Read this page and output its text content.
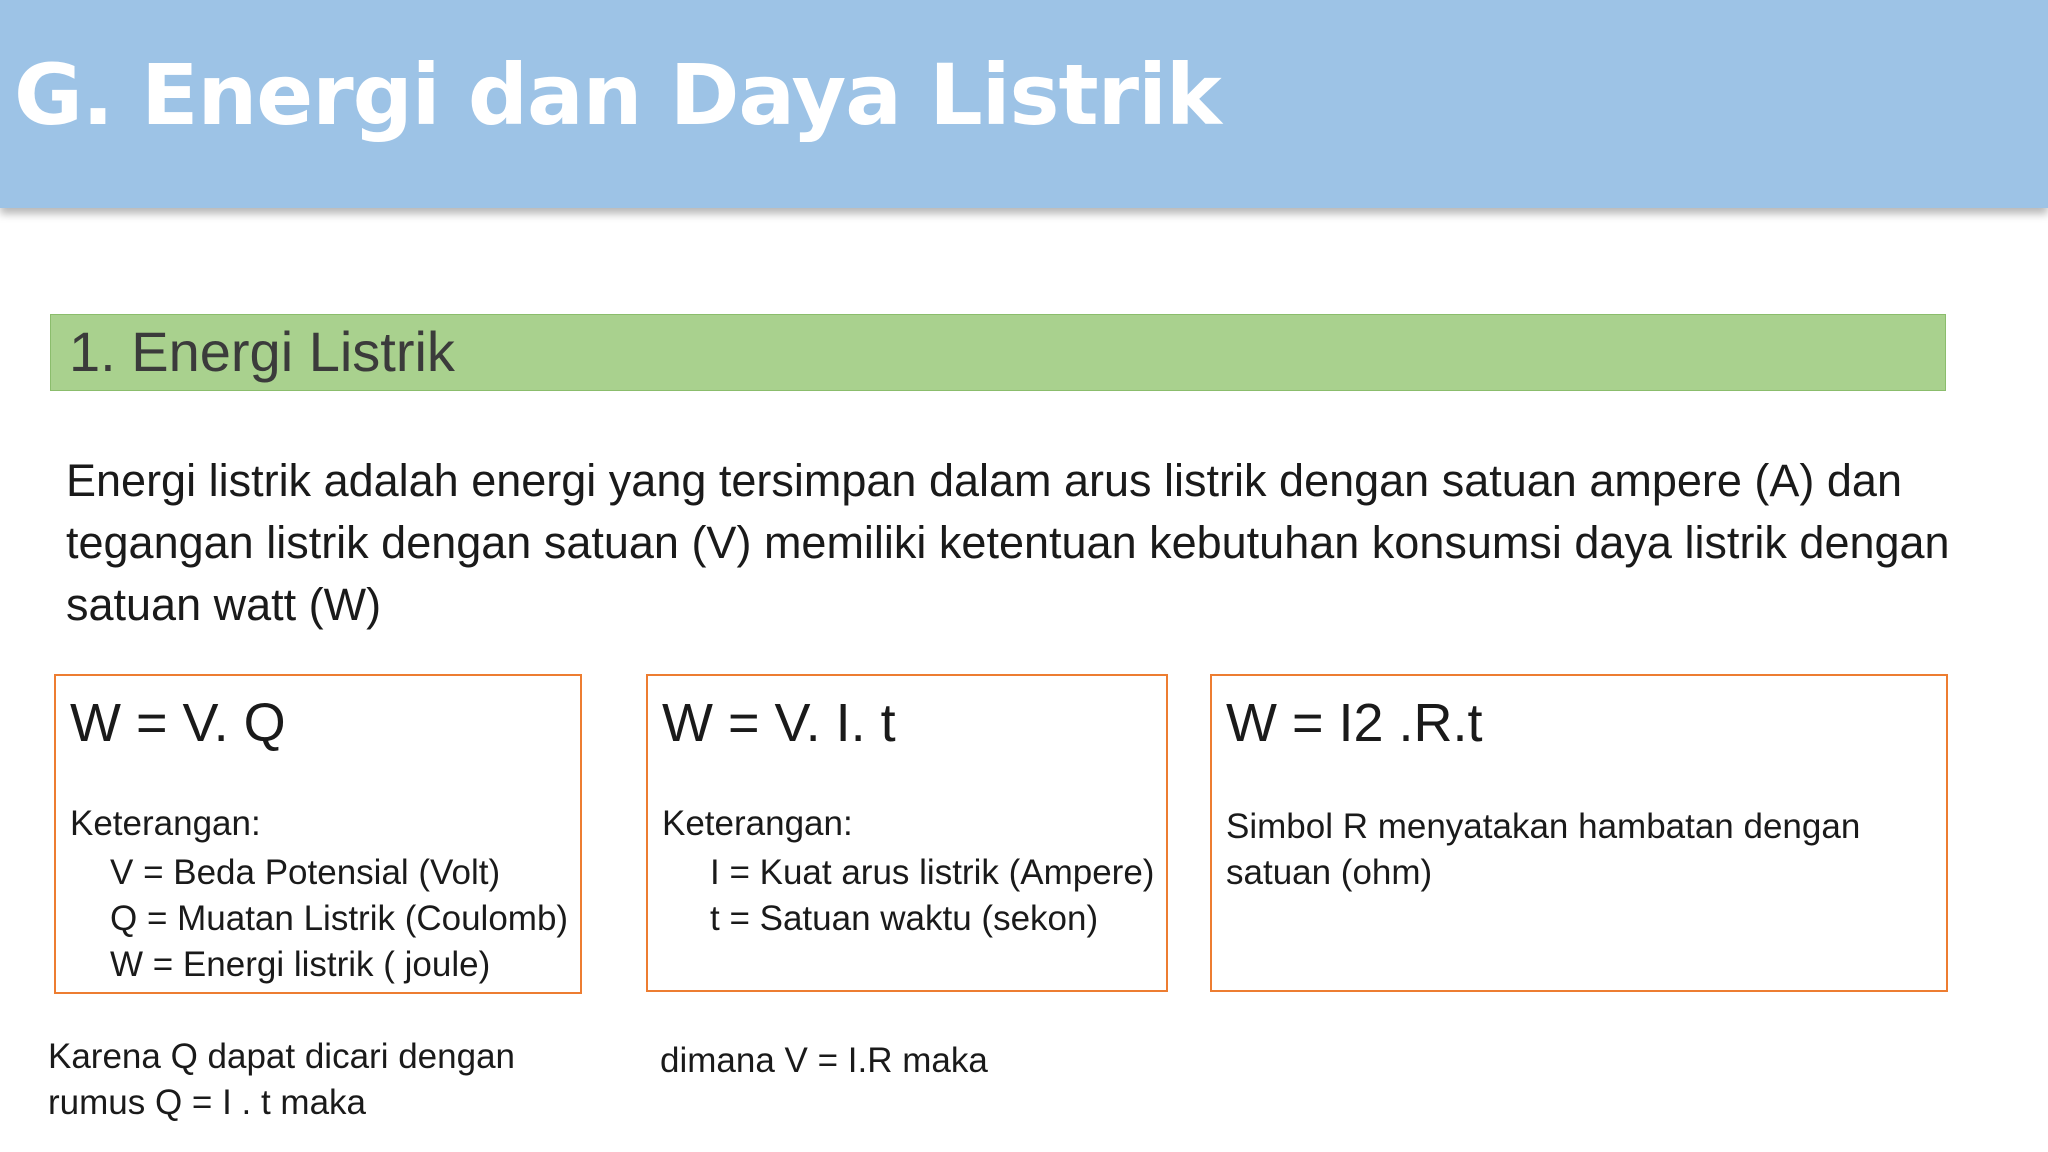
G. Energi dan Daya Listrik
1. Energi Listrik
Energi listrik adalah energi yang tersimpan dalam arus listrik dengan satuan ampere (A) dan tegangan listrik dengan satuan (V) memiliki ketentuan kebutuhan konsumsi daya listrik dengan satuan watt (W)
W = V. Q
Keterangan:
V = Beda Potensial (Volt)
Q = Muatan Listrik (Coulomb)
W = Energi listrik ( joule)
W = V. I. t
Keterangan:
I = Kuat arus listrik (Ampere)
t = Satuan waktu (sekon)
W = I2 .R.t
Simbol R menyatakan hambatan dengan satuan (ohm)
Karena Q dapat dicari dengan rumus Q = I . t maka
dimana V = I.R maka
